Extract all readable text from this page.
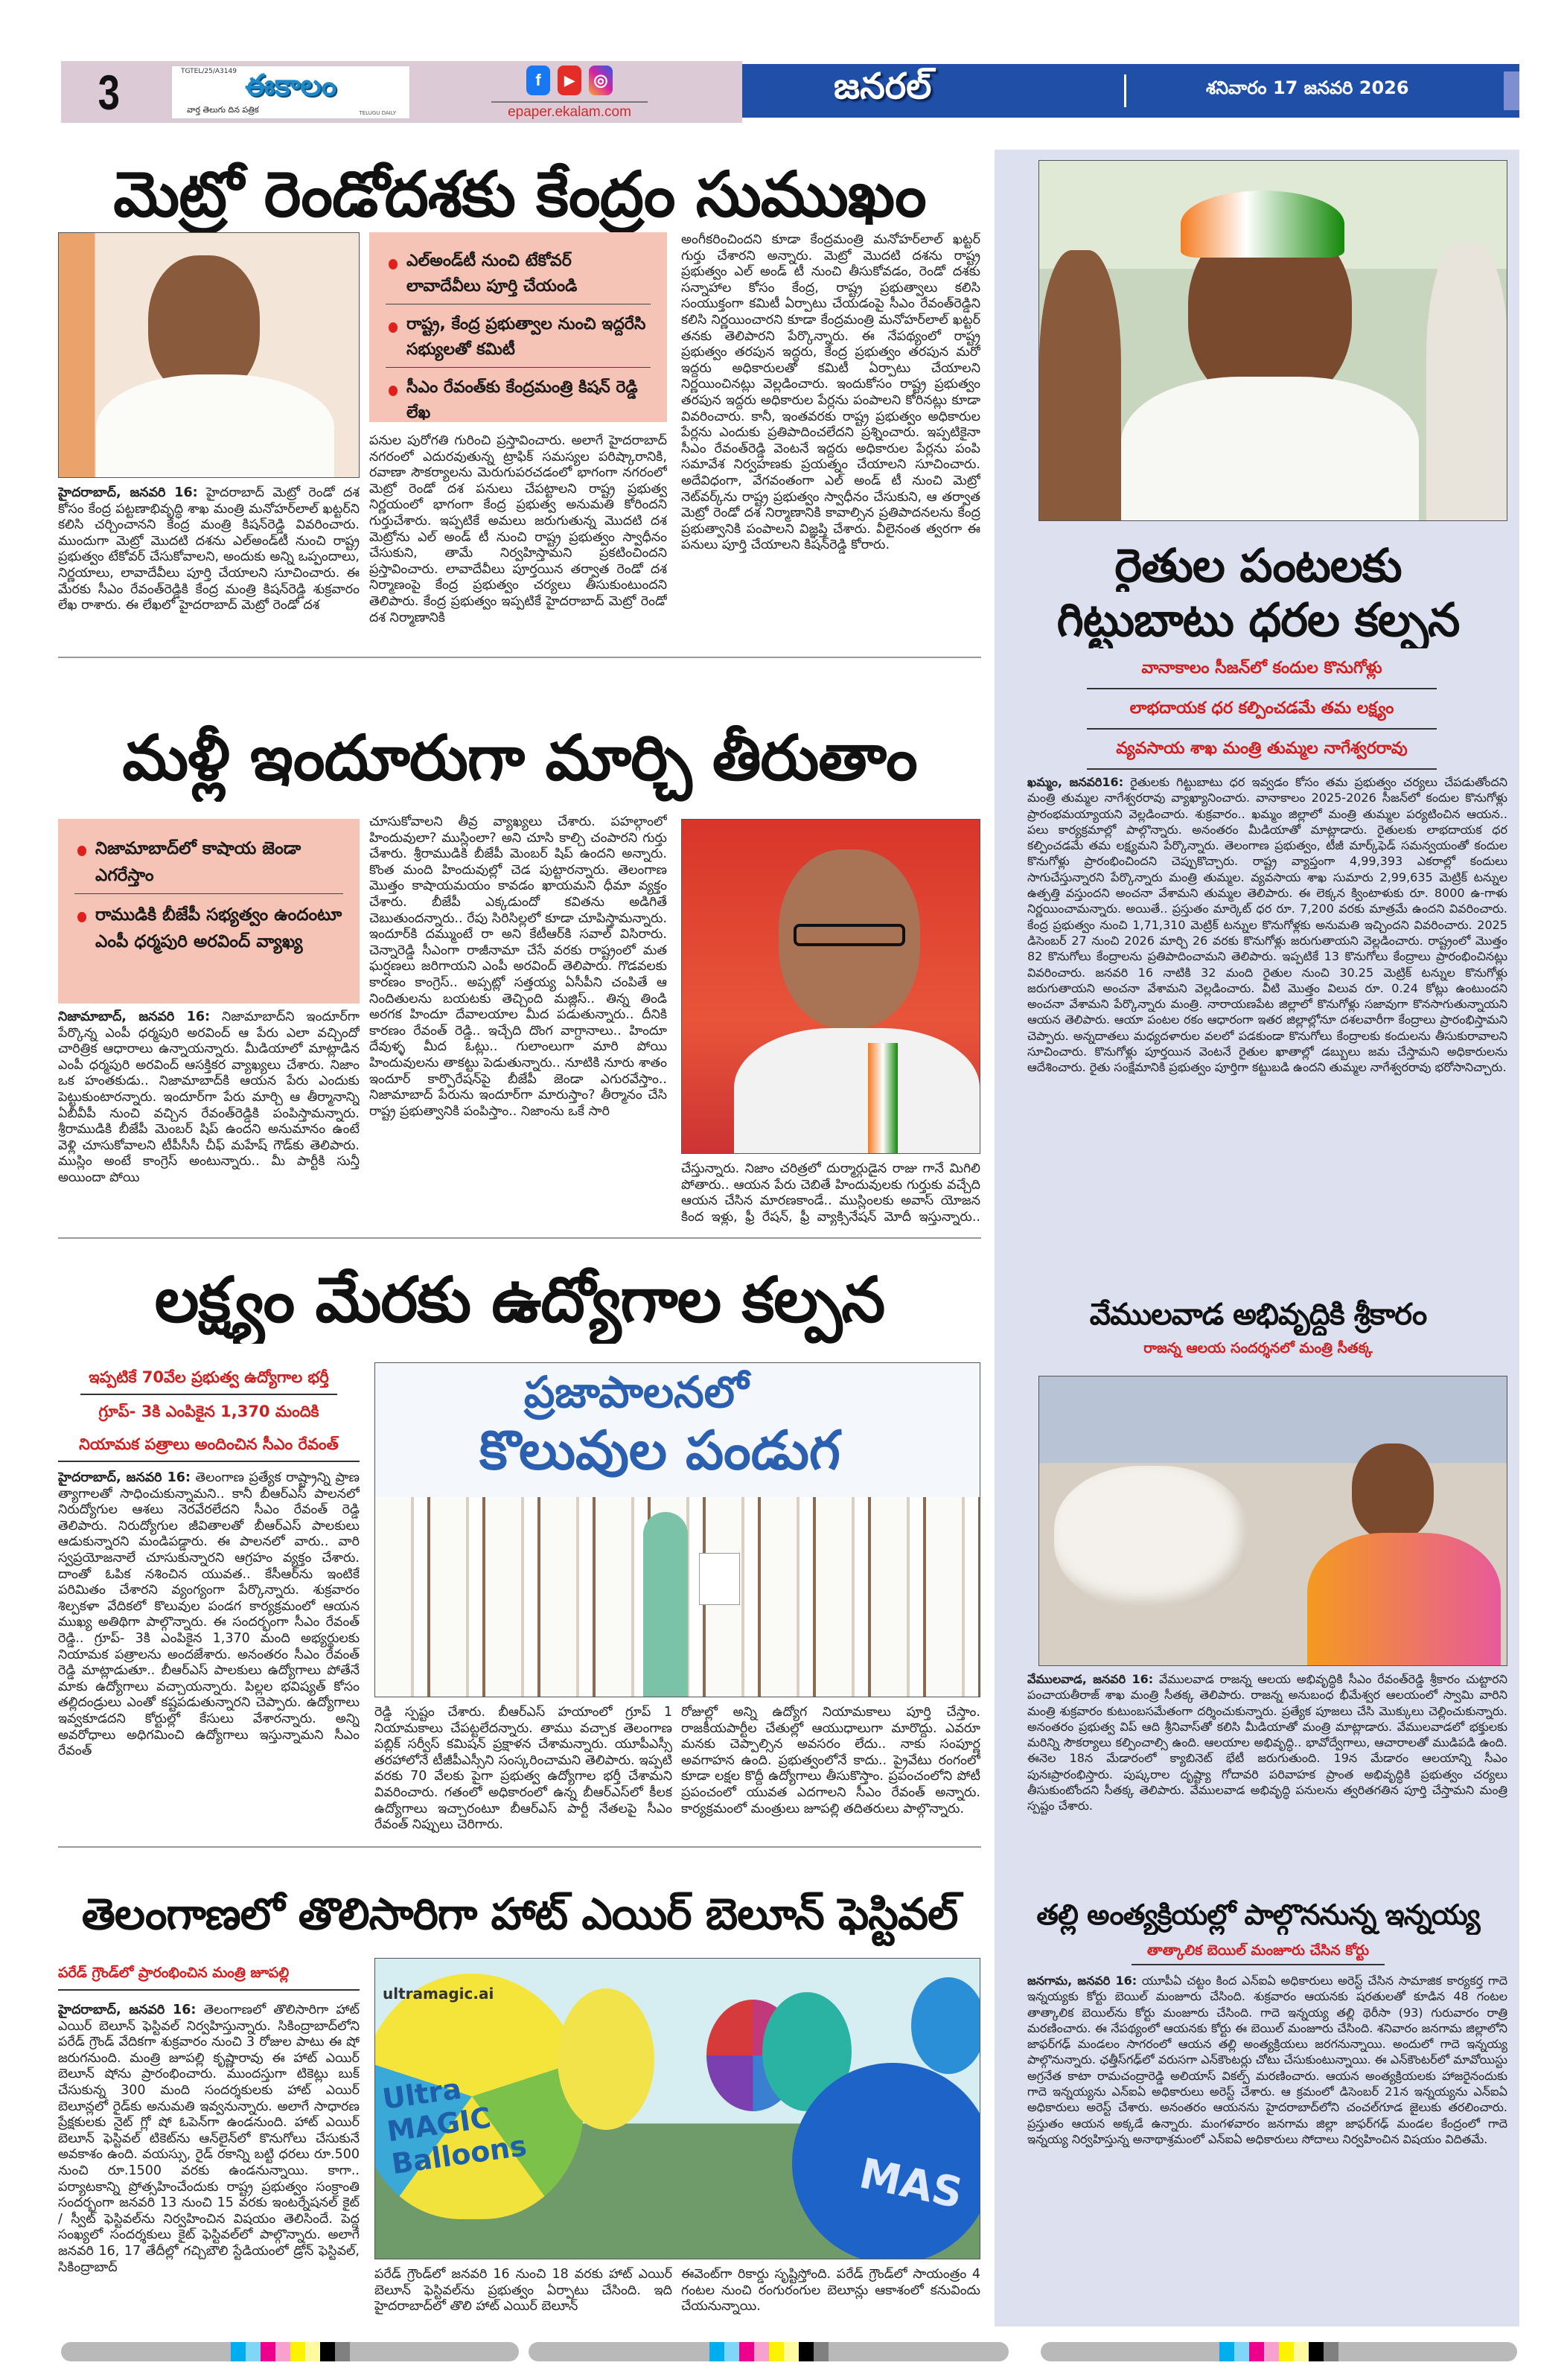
3	TGTEL/25/A3149 ఈకాలం
వార్త తెలుగు దిన పత్రిక	TELUGU DAILY
f	▶	◎
epaper.ekalam.com
జనరల్	శనివారం 17 జనవరి 2026
మెట్రో రెండోదశకు కేంద్రం సుముఖం
ఎల్అండ్‌టీ నుంచి టేకోవర్ లావాదేవీలు పూర్తి చేయండి
రాష్ట్ర, కేంద్ర ప్రభుత్వాల నుంచి ఇద్దరేసి సభ్యులతో కమిటీ
సీఎం రేవంత్‌కు కేంద్రమంత్రి కిషన్ రెడ్డి లేఖ
హైదరాబాద్, జనవరి 16: హైదరాబాద్ మెట్రో రెండో దశ కోసం కేంద్ర పట్టణాభివృద్ధి శాఖ మంత్రి మనోహర్‌లాల్ ఖట్టర్‌ని కలిసి చర్చించానని కేంద్ర మంత్రి కిషన్‌రెడ్డి వివరించారు. ముందుగా మెట్రో మొదటి దశను ఎల్‌అండ్‌టీ నుంచి రాష్ట్ర ప్రభుత్వం టేకోవర్ చేసుకోవాలని, అందుకు అన్ని ఒప్పందాలు, నిర్ణయాలు, లావాదేవీలు పూర్తి చేయాలని సూచించారు. ఈ మేరకు సీఎం రేవంత్‌రెడ్డికి కేంద్ర మంత్రి కిషన్‌రెడ్డి శుక్రవారం లేఖ రాశారు. ఈ లేఖలో హైదరాబాద్ మెట్రో రెండో దశ
పనుల పురోగతి గురించి ప్రస్తావించారు. అలాగే హైదరాబాద్ నగరంలో ఎదురవుతున్న ట్రాఫిక్ సమస్యల పరిష్కారానికి, రవాణా సౌకర్యాలను మెరుగుపరచడంలో భాగంగా నగరంలో మెట్రో రెండో దశ పనులు చేపట్టాలని రాష్ట్ర ప్రభుత్వ నిర్ణయంలో భాగంగా కేంద్ర ప్రభుత్వ అనుమతి కోరిందని గుర్తుచేశారు. ఇప్పటికే అమలు జరుగుతున్న మొదటి దశ మెట్రోను ఎల్ అండ్ టీ నుంచి రాష్ట్ర ప్రభుత్వం స్వాధీనం చేసుకుని, తామే నిర్వహిస్తామని ప్రకటించిందని ప్రస్తావించారు. లావాదేవీలు పూర్తయిన తర్వాత రెండో దశ నిర్మాణంపై కేంద్ర ప్రభుత్వం చర్యలు తీసుకుంటుందని తెలిపారు. కేంద్ర ప్రభుత్వం ఇప్పటికే హైదరాబాద్ మెట్రో రెండో దశ నిర్మాణానికి
అంగీకరించిందని కూడా కేంద్రమంత్రి మనోహర్‌లాల్ ఖట్టర్ గుర్తు చేశారని అన్నారు. మెట్రో మొదటి దశను రాష్ట్ర ప్రభుత్వం ఎల్ అండ్ టీ నుంచి తీసుకోవడం, రెండో దశకు సన్నాహాల కోసం కేంద్ర, రాష్ట్ర ప్రభుత్వాలు కలిసి సంయుక్తంగా కమిటీ ఏర్పాటు చేయడంపై సీఎం రేవంత్‌రెడ్డిని కలిసి నిర్ణయించారని కూడా కేంద్రమంత్రి మనోహర్‌లాల్ ఖట్టర్ తనకు తెలిపారని పేర్కొన్నారు. ఈ నేపథ్యంలో రాష్ట్ర ప్రభుత్వం తరపున ఇద్దరు, కేంద్ర ప్రభుత్వం తరపున మరో ఇద్దరు అధికారులతో కమిటీ ఏర్పాటు చేయాలని నిర్ణయించినట్లు వెల్లడించారు. ఇందుకోసం రాష్ట్ర ప్రభుత్వం తరపున ఇద్దరు అధికారుల పేర్లను పంపాలని కోరినట్లు కూడా వివరించారు. కానీ, ఇంతవరకు రాష్ట్ర ప్రభుత్వం అధికారుల పేర్లను ఎందుకు ప్రతిపాదించలేదని ప్రశ్నించారు. ఇప్పటికైనా సీఎం రేవంత్‌రెడ్డి వెంటనే ఇద్దరు అధికారుల పేర్లను పంపి సమావేశ నిర్వహణకు ప్రయత్నం చేయాలని సూచించారు. అదేవిధంగా, వేగవంతంగా ఎల్ అండ్ టీ నుంచి మెట్రో నెట్‌వర్క్‌ను రాష్ట్ర ప్రభుత్వం స్వాధీనం చేసుకుని, ఆ తర్వాత మెట్రో రెండో దశ నిర్మాణానికి కావాల్సిన ప్రతిపాదనలను కేంద్ర ప్రభుత్వానికి పంపాలని విజ్ఞప్తి చేశారు. వీలైనంత త్వరగా ఈ పనులు పూర్తి చేయాలని కిషన్‌రెడ్డి కోరారు.
మళ్లీ ఇందూరుగా మార్చి తీరుతాం
నిజామాబాద్‌లో కాషాయ జెండా ఎగరేస్తాం
రాముడికి బీజేపీ సభ్యత్వం ఉందంటూ ఎంపీ ధర్మపురి అరవింద్ వ్యాఖ్య
నిజామాబాద్, జనవరి 16: నిజామాబాద్‌ని ఇందూర్‌గా పేర్కొన్న ఎంపీ ధర్మపురి అరవింద్ ఆ పేరు ఎలా వచ్చిందో చారిత్రిక ఆధారాలు ఉన్నాయన్నారు. మీడియాలో మాట్లాడిన ఎంపీ ధర్మపురి అరవింద్ ఆసక్తికర వ్యాఖ్యలు చేశారు. నిజాం ఒక హంతకుడు.. నిజామాబాద్‌కి ఆయన పేరు ఎందుకు పెట్టుకుంటారన్నారు. ఇందూర్‌గా పేరు మార్చి ఆ తీర్మానాన్ని ఏబీవీపీ నుంచి వచ్చిన రేవంత్‌రెడ్డికి పంపిస్తామన్నారు. శ్రీరాముడికి బీజేపీ మెంబర్ షిప్ ఉందని అనుమానం ఉంటే వెళ్లి చూసుకోవాలని టీపీసీసీ చీఫ్ మహేష్ గౌడ్‌కు తెలిపారు. ముస్లిం అంటే కాంగ్రెస్ అంటున్నారు.. మీ పార్టీకి సున్తీ అయిందా పోయి
చూసుకోవాలని తీవ్ర వ్యాఖ్యలు చేశారు. పహల్గాంలో హిందువులా? ముస్లింలా? అని చూసి కాల్చి చంపారని గుర్తు చేశారు. శ్రీరాముడికి బీజేపీ మెంబర్ షిప్ ఉందని అన్నారు. కొంత మంది హిందువుల్లో చెడ పుట్టారన్నారు. తెలంగాణ మొత్తం కాషాయమయం కావడం ఖాయమని ధీమా వ్యక్తం చేశారు. బీజేపీ ఎక్కడుందో కవితను అడిగితే చెబుతుందన్నారు.. రేపు సిరిసిల్లలో కూడా చూపిస్తామన్నారు. ఇందూర్‌కి దమ్ముంటే రా అని కేటీఆర్‌కి సవాల్ విసిరారు. చెన్నారెడ్డి సీఎంగా రాజీనామా చేసే వరకు రాష్ట్రంలో మత ఘర్షణలు జరిగాయని ఎంపీ అరవింద్ తెలిపారు. గొడవలకు కారణం కాంగ్రెస్.. అప్పట్లో సత్తయ్య ఏసీపీని చంపితే ఆ నిందితులను బయటకు తెచ్చింది మజ్లిస్.. తిన్న తిండి అరగక హిందూ దేవాలయాల మీద పడుతున్నారు.. దీనికి కారణం రేవంత్ రెడ్డి.. ఇచ్చేది దొంగ వాగ్దానాలు.. హిందూ దేవుళ్ళ మీద ఓట్లు.. గులాంలుగా మారి పోయి హిందువులను తాకట్టు పెడుతున్నారు.. నూటికి నూరు శాతం ఇందూర్ కార్పొరేషన్‌పై బీజేపీ జెండా ఎగురవేస్తాం.. నిజామాబాద్ పేరును ఇందూర్‌గా మారుస్తాం? తీర్మానం చేసి రాష్ట్ర ప్రభుత్వానికి పంపిస్తాం.. నిజాంను ఒకే సారి
చేస్తున్నారు. నిజాం చరిత్రలో దుర్మార్గుడైన రాజు గానే మిగిలి పోతారు.. ఆయన పేరు చెబితే హిందువులకు గుర్తుకు వచ్చేది ఆయన చేసిన మారణకాండే.. ముస్లింలకు అవాస్ యోజన కింద ఇళ్లు, ఫ్రీ రేషన్, ఫ్రీ వ్యాక్సినేషన్ మోదీ ఇస్తున్నారు..
లక్ష్యం మేరకు ఉద్యోగాల కల్పన
ఇప్పటికే 70వేల ప్రభుత్వ ఉద్యోగాల భర్తీ
గ్రూప్- 3కి ఎంపికైన 1,370 మందికి
నియామక పత్రాలు అందించిన సీఎం రేవంత్
హైదరాబాద్, జనవరి 16: తెలంగాణ ప్రత్యేక రాష్ట్రాన్ని ప్రాణ త్యాగాలతో సాధించుకున్నామని.. కానీ బీఆర్ఎస్ పాలనలో నిరుద్యోగుల ఆశలు నెరవేరలేదని సీఎం రేవంత్ రెడ్డి తెలిపారు. నిరుద్యోగుల జీవితాలతో బీఆర్ఎస్ పాలకులు ఆడుకున్నారని మండిపడ్డారు. ఈ పాలనలో వారు.. వారి స్వప్రయోజనాలే చూసుకున్నారని ఆగ్రహం వ్యక్తం చేశారు. దాంతో ఓపిక నశించిన యువత.. కేసీఆర్‌ను ఇంటికే పరిమితం చేశారని వ్యంగ్యంగా పేర్కొన్నారు. శుక్రవారం శిల్పకళా వేదికలో కొలువుల పండగ కార్యక్రమంలో ఆయన ముఖ్య అతిథిగా పాల్గొన్నారు. ఈ సందర్భంగా సీఎం రేవంత్ రెడ్డి.. గ్రూప్- 3కి ఎంపికైన 1,370 మంది అభ్యర్థులకు నియామక పత్రాలను అందజేశారు. అనంతరం సీఎం రేవంత్ రెడ్డి మాట్లాడుతూ.. బీఆర్ఎస్ పాలకులు ఉద్యోగాలు పోతేనే మాకు ఉద్యోగాలు వచ్చాయన్నారు. పిల్లల భవిష్యత్ కోసం తల్లిదండ్రులు ఎంతో కష్టపడుతున్నారని చెప్పారు. ఉద్యోగాలు ఇవ్వకూడదని కోర్టుల్లో కేసులు వేశారన్నారు. అన్ని అవరోధాలు అధిగమించి ఉద్యోగాలు ఇస్తున్నామని సీఎం రేవంత్
ప్రజాపాలనలో
కొలువుల పండుగ
రెడ్డి స్పష్టం చేశారు. బీఆర్ఎస్ హయాంలో గ్రూప్ 1 నియామకాలు చేపట్టలేదన్నారు. తాము వచ్చాక తెలంగాణ పబ్లిక్ సర్వీస్ కమిషన్ ప్రక్షాళన చేశామన్నారు. యూపీఎస్సీ తరహాలోనే టీజీపీఎస్సీని సంస్కరించామని తెలిపారు. ఇప్పటి వరకు 70 వేలకు పైగా ప్రభుత్వ ఉద్యోగాల భర్తీ చేశామని వివరించారు. గతంలో అధికారంలో ఉన్న బీఆర్ఎస్‌లో కీలక ఉద్యోగాలు ఇచ్చారంటూ బీఆర్ఎస్ పార్టీ నేతలపై సీఎం రేవంత్ నిప్పులు చెరిగారు.
రోజుల్లో అన్ని ఉద్యోగ నియామకాలు పూర్తి చేస్తాం. రాజకీయపార్టీల చేతుల్లో ఆయుధాలుగా మారొద్దు. ఎవరూ మనకు చెప్పాల్సిన అవసరం లేదు.. నాకు సంపూర్ణ అవగాహన ఉంది. ప్రభుత్వంలోనే కాదు.. ప్రైవేటు రంగంలో కూడా లక్షల కొద్దీ ఉద్యోగాలు తీసుకొస్తాం. ప్రపంచంలోని పోటీ ప్రపంచంలో యువత ఎదగాలని సీఎం రేవంత్ అన్నారు. కార్యక్రమంలో మంత్రులు జూపల్లి తదితరులు పాల్గొన్నారు.
తెలంగాణలో తొలిసారిగా హాట్ ఎయిర్ బెలూన్ ఫెస్టివల్
పరేడ్ గ్రౌండ్‌లో ప్రారంభించిన మంత్రి జూపల్లి
హైదరాబాద్, జనవరి 16: తెలంగాణలో తొలిసారిగా హాట్ ఎయిర్ బెలూన్ ఫెస్టివల్ నిర్వహిస్తున్నారు. సికింద్రాబాద్‌లోని పరేడ్ గ్రౌండ్ వేదికగా శుక్రవారం నుంచి 3 రోజుల పాటు ఈ షో జరుగనుంది. మంత్రి జూపల్లి కృష్ణారావు ఈ హాట్ ఎయిర్ బెలూన్ షోను ప్రారంభించారు. ముందస్తుగా టికెట్లు బుక్ చేసుకున్న 300 మంది సందర్శకులకు హాట్ ఎయిర్ బెలూన్లలో రైడ్‌కు అనుమతి ఇవ్వనున్నారు. అలాగే సాధారణ ప్రేక్షకులకు నైట్ గ్లో షో ఓపెన్‌గా ఉండనుంది. హాట్ ఎయిర్ బెలూన్ ఫెస్టివల్ టికెట్‌ను ఆన్‌లైన్‌లో కొనుగోలు చేసుకునే అవకాశం ఉంది. వయస్సు, రైడ్ రకాన్ని బట్టి ధరలు రూ.500 నుంచి రూ.1500 వరకు ఉండనున్నాయి. కాగా.. పర్యాటకాన్ని ప్రోత్సహించేందుకు రాష్ట్ర ప్రభుత్వం సంక్రాంతి సందర్భంగా జనవరి 13 నుంచి 15 వరకు ఇంటర్నేషనల్ కైట్ / స్వీట్ ఫెస్టివల్‌ను నిర్వహించిన విషయం తెలిసిందే. పెద్ద సంఖ్యలో సందర్శకులు కైట్ ఫెస్టివల్‌లో పాల్గొన్నారు. అలాగే జనవరి 16, 17 తేదీల్లో గచ్చిబౌలి స్టేడియంలో డ్రోన్ ఫెస్టివల్, సికింద్రాబాద్
ultramagic.ai
Ultra MAGIC Balloons	MAS
పరేడ్ గ్రౌండ్‌లో జనవరి 16 నుంచి 18 వరకు హాట్ ఎయిర్ బెలూన్ ఫెస్టివల్‌ను ప్రభుత్వం ఏర్పాటు చేసింది. ఇది హైదరాబాద్‌లో తొలి హాట్ ఎయిర్ బెలూన్
ఈవెంట్‌గా రికార్డు సృష్టిస్తోంది. పరేడ్ గ్రౌండ్‌లో సాయంత్రం 4 గంటల నుంచి రంగురంగుల బెలూన్లు ఆకాశంలో కనువిందు చేయనున్నాయి.
రైతుల పంటలకు
గిట్టుబాటు ధరల కల్పన
వానాకాలం సీజన్‌లో కందుల కొనుగోళ్లు
లాభదాయక ధర కల్పించడమే తమ లక్ష్యం
వ్యవసాయ శాఖ మంత్రి తుమ్మల నాగేశ్వరరావు
ఖమ్మం, జనవరి16: రైతులకు గిట్టుబాటు ధర ఇవ్వడం కోసం తమ ప్రభుత్వం చర్యలు చేపడుతోందని మంత్రి తుమ్మల నాగేశ్వరరావు వ్యాఖ్యానించారు. వానాకాలం 2025-2026 సీజన్‌లో కందుల కొనుగోళ్లు ప్రారంభమయ్యాయని వెల్లడించారు. శుక్రవారం.. ఖమ్మం జిల్లాలో మంత్రి తుమ్మల పర్యటించిన ఆయన.. పలు కార్యక్రమాల్లో పాల్గొన్నారు. అనంతరం మీడియాతో మాట్లాడారు. రైతులకు లాభదాయక ధర కల్పించడమే తమ లక్ష్యమని పేర్కొన్నారు. తెలంగాణ ప్రభుత్వం, టీజీ మార్క్‌ఫెడ్ సమన్వయంతో కందుల కొనుగోళ్లు ప్రారంభించిందని చెప్పుకొచ్చారు. రాష్ట్ర వ్యాప్తంగా 4,99,393 ఎకరాల్లో కందులు సాగుచేస్తున్నారని పేర్కొన్నారు మంత్రి తుమ్మల. వ్యవసాయ శాఖ సుమారు 2,99,635 మెట్రిక్ టన్నుల ఉత్పత్తి వస్తుందని అంచనా వేశామని తుమ్మల తెలిపారు. ఈ లెక్కన క్వింటాళుకు రూ. 8000 ఉ-గాళు నిర్ణయించామన్నారు. అయితే.. ప్రస్తుతం మార్కెట్ ధర రూ. 7,200 వరకు మాత్రమే ఉందని వివరించారు. కేంద్ర ప్రభుత్వం నుంచి 1,71,310 మెట్రిక్ టన్నుల కొనుగోళ్లకు అనుమతి ఇచ్చిందని వివరించారు. 2025 డిసెంబర్ 27 నుంచి 2026 మార్చి 26 వరకు కొనుగోళ్లు జరుగుతాయని వెల్లడించారు. రాష్ట్రంలో మొత్తం 82 కొనుగోలు కేంద్రాలను ప్రతిపాదించామని తెలిపారు. ఇప్పటికే 13 కొనుగోలు కేంద్రాలు ప్రారంభించినట్లు వివరించారు. జనవరి 16 నాటికి 32 మంది రైతుల నుంచి 30.25 మెట్రిక్ టన్నుల కొనుగోళ్లు జరుగుతాయని అంచనా వేశామని వెల్లడించారు. వీటి మొత్తం విలువ రూ. 0.24 కోట్లు ఉంటుందని అంచనా వేశామని పేర్కొన్నారు మంత్రి. నారాయణపేట జిల్లాలో కొనుగోళ్లు సజావుగా కొనసాగుతున్నాయని ఆయన తెలిపారు. ఆయా పంటల రకం ఆధారంగా ఇతర జిల్లాల్లోనూ దశలవారీగా కేంద్రాలు ప్రారంభిస్తామని చెప్పారు. అన్నదాతలు మధ్యదళారుల వలలో పడకుండా కొనుగోలు కేంద్రాలకు కందులను తీసుకురావాలని సూచించారు. కొనుగోళ్లు పూర్తయిన వెంటనే రైతుల ఖాతాల్లో డబ్బులు జమ చేస్తామని అధికారులను ఆదేశించారు. రైతు సంక్షేమానికి ప్రభుత్వం పూర్తిగా కట్టుబడి ఉందని తుమ్మల నాగేశ్వరరావు భరోసానిచ్చారు.
వేములవాడ అభివృద్ధికి శ్రీకారం
రాజన్న ఆలయ సందర్శనలో మంత్రి సీతక్క
వేములవాడ, జనవరి 16: వేములవాడ రాజన్న ఆలయ అభివృద్ధికి సీఎం రేవంత్‌రెడ్డి శ్రీకారం చుట్టారని పంచాయతీరాజ్ శాఖ మంత్రి సీతక్క తెలిపారు. రాజన్న అనుబంధ భీమేశ్వర ఆలయంలో స్వామి వారిని మంత్రి శుక్రవారం కుటుంబసమేతంగా దర్శించుకున్నారు. ప్రత్యేక పూజలు చేసి మొక్కులు చెల్లించుకున్నారు. అనంతరం ప్రభుత్వ విప్ ఆది శ్రీనివాస్‌తో కలిసి మీడియాతో మంత్రి మాట్లాడారు. వేములవాడలో భక్తులకు మరిన్ని సౌకర్యాలు కల్పించాల్సి ఉంది. ఆలయాల అభివృద్ధి.. భావోద్వేగాలు, ఆచారాలతో ముడిపడి ఉంది. ఈనెల 18న మేడారంలో క్యాబినెట్ భేటీ జరుగుతుంది. 19న మేడారం ఆలయాన్ని సీఎం పునఃప్రారంభిస్తారు. పుష్కరాల దృష్ట్యా గోదావరి పరివాహక ప్రాంత అభివృద్ధికి ప్రభుత్వం చర్యలు తీసుకుంటోందని సీతక్క తెలిపారు. వేములవాడ అభివృద్ధి పనులను త్వరితగతిన పూర్తి చేస్తామని మంత్రి స్పష్టం చేశారు.
తల్లి అంత్యక్రియల్లో పాల్గొననున్న ఇన్నయ్య
తాత్కాలిక బెయిల్ మంజూరు చేసిన కోర్టు
జనగామ, జనవరి 16: యూపీఏ చట్టం కింద ఎన్ఐఏ అధికారులు అరెస్ట్ చేసిన సామాజిక కార్యకర్త గాదె ఇన్నయ్యకు కోర్టు బెయిల్ మంజూరు చేసింది. శుక్రవారం ఆయనకు షరతులతో కూడిన 48 గంటల తాత్కాలిక బెయిల్‌ను కోర్టు మంజూరు చేసింది. గాదె ఇన్నయ్య తల్లి థెరీసా (93) గురువారం రాత్రి మరణించారు. ఈ నేపథ్యంలో ఆయనకు కోర్టు ఈ బెయిల్ మంజూరు చేసింది. శనివారం జనగామ జిల్లాలోని జాఫర్‌గఢ్ మండలం సాగరంలో ఆయన తల్లి అంత్యక్రియలు జరగనున్నాయి. అందులో గాదె ఇన్నయ్య పాల్గొనున్నారు. ఛత్తీస్‌గఢ్‌లో వరుసగా ఎన్‌కౌంటర్లు చోటు చేసుకుంటున్నాయి. ఈ ఎన్‌కౌంటర్‌లో మావోయిస్టు అగ్రనేత కాటా రామచంద్రారెడ్డి అలియాస్ వికల్ప్ మరణించారు. ఆయన అంత్యక్రియలకు హాజరైనందుకు గాదె ఇన్నయ్యను ఎన్ఐఏ అధికారులు అరెస్ట్ చేశారు. ఆ క్రమంలో డిసెంబర్ 21న ఇన్నయ్యను ఎన్ఐఏ అధికారులు అరెస్ట్ చేశారు. అనంతరం ఆయనను హైదరాబాద్‌లోని చంచల్‌గూడ జైలుకు తరలించారు. ప్రస్తుతం ఆయన అక్కడే ఉన్నారు. మంగళవారం జనగామ జిల్లా జాఫర్‌గఢ్ మండల కేంద్రంలో గాదె ఇన్నయ్య నిర్వహిస్తున్న అనాథాశ్రమంలో ఎన్ఐఏ అధికారులు సోదాలు నిర్వహించిన విషయం విదితమే.
